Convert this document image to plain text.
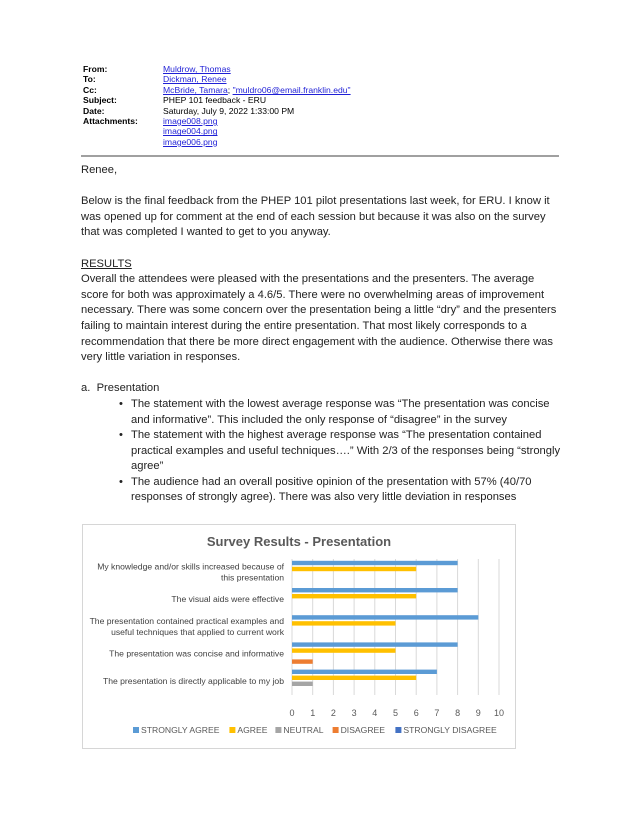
From:	Muldrow, Thomas
To:	Dickman, Renee
Cc:	McBride, Tamara; "muldro06@email.franklin.edu"
Subject:	PHEP 101 feedback - ERU
Date:	Saturday, July 9, 2022 1:33:00 PM
Attachments:	image008.png
image004.png
image006.png

Renee,

Below is the final feedback from the PHEP 101 pilot presentations last week, for ERU. I know it was opened up for comment at the end of each session but because it was also on the survey that was completed I wanted to get to you anyway.

RESULTS

Overall the attendees were pleased with the presentations and the presenters. The average score for both was approximately a 4.6/5. There were no overwhelming areas of improvement necessary. There was some concern over the presentation being a little “dry” and the presenters failing to maintain interest during the entire presentation. That most likely corresponds to a recommendation that there be more direct engagement with the audience. Otherwise there was very little variation in responses.

a. Presentation

• The statement with the lowest average response was “The presentation was concise and informative”. This included the only response of “disagree” in the survey
• The statement with the highest average response was “The presentation contained practical examples and useful techniques….” With 2/3 of the responses being “strongly agree”
• The audience had an overall positive opinion of the presentation with 57% (40/70 responses of strongly agree). There was also very little deviation in responses
Survey Results - Presentation
0 1 2 3 4 5 6 7 8 9 10
My knowledge and/or skills increased because of
this presentation
The visual aids were effective
The presentation contained practical examples and
useful techniques that applied to current work
The presentation was concise and informative
The presentation is directly applicable to my job
STRONGLY AGREE AGREE NEUTRAL DISAGREE STRONGLY DISAGREE
